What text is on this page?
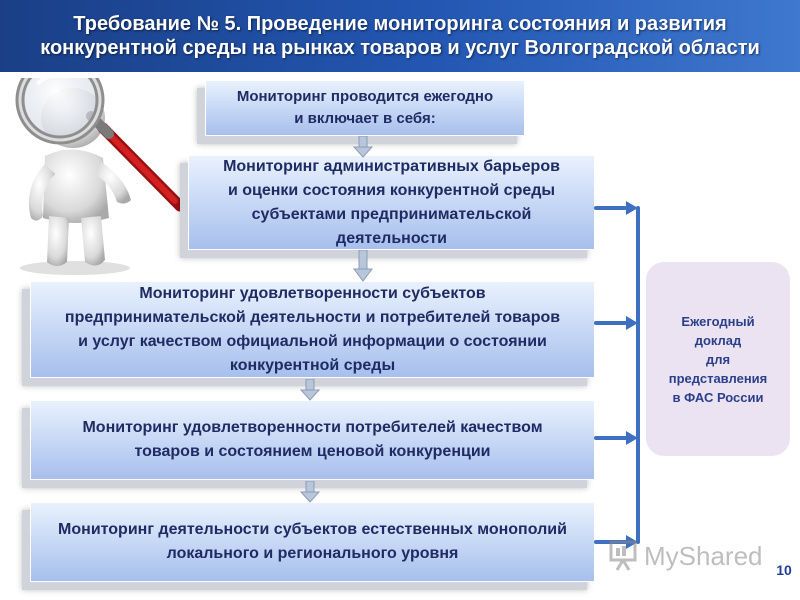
Требование № 5. Проведение мониторинга состояния и развития конкурентной среды на рынках товаров и услуг Волгоградской области
Мониторинг проводится ежегодно
и включает в себя:
Мониторинг административных барьеров
и оценки состояния конкурентной среды
субъектами предпринимательской
деятельности
Мониторинг удовлетворенности субъектов
предпринимательской деятельности и потребителей товаров
и услуг качеством официальной информации о состоянии
конкурентной среды
Мониторинг удовлетворенности потребителей качеством
товаров и состоянием ценовой конкуренции
Мониторинг деятельности субъектов естественных монополий
локального и регионального уровня
Ежегодный
доклад
для
представления
в ФАС России
MyShared 10
